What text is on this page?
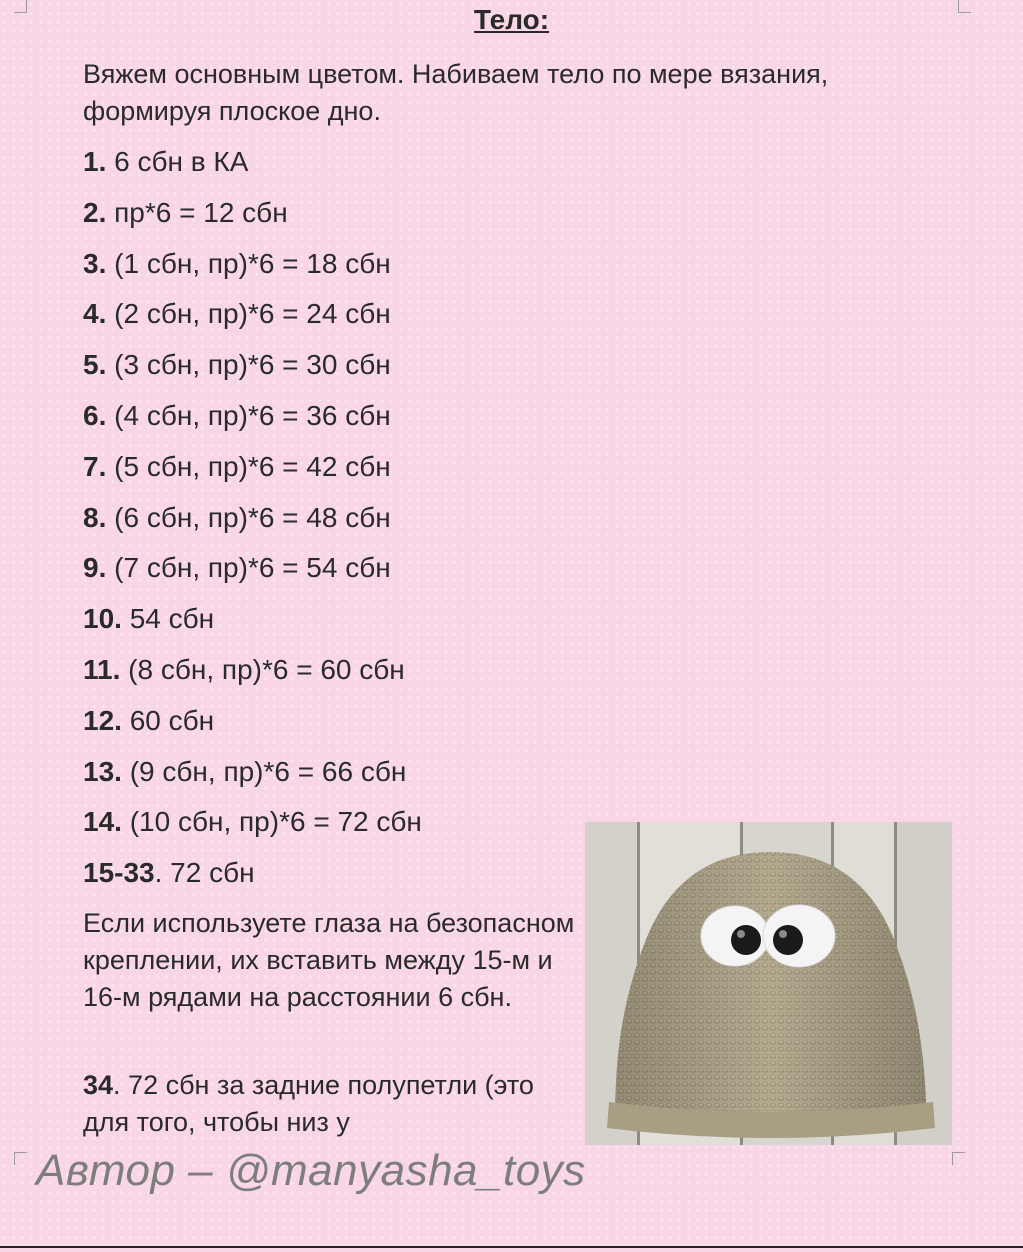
Тело:
Вяжем основным цветом. Набиваем тело по мере вязания, формируя плоское дно.
1. 6 сбн в КА
2. пр*6 = 12 сбн
3. (1 сбн, пр)*6 = 18 сбн
4. (2 сбн, пр)*6 = 24 сбн
5. (3 сбн, пр)*6 = 30 сбн
6. (4 сбн, пр)*6 = 36 сбн
7. (5 сбн, пр)*6 = 42 сбн
8. (6 сбн, пр)*6 = 48 сбн
9. (7 сбн, пр)*6 = 54 сбн
10. 54 сбн
11. (8 сбн, пр)*6 = 60 сбн
12. 60 сбн
13. (9 сбн, пр)*6 = 66 сбн
14. (10 сбн, пр)*6 = 72 сбн
15-33. 72 сбн
Если используете глаза на безопасном креплении, их вставить между 15-м и 16-м рядами на расстоянии 6 сбн.
34. 72 сбн за задние полупетли (это для того, чтобы низ у
Автор – @manyasha_toys
